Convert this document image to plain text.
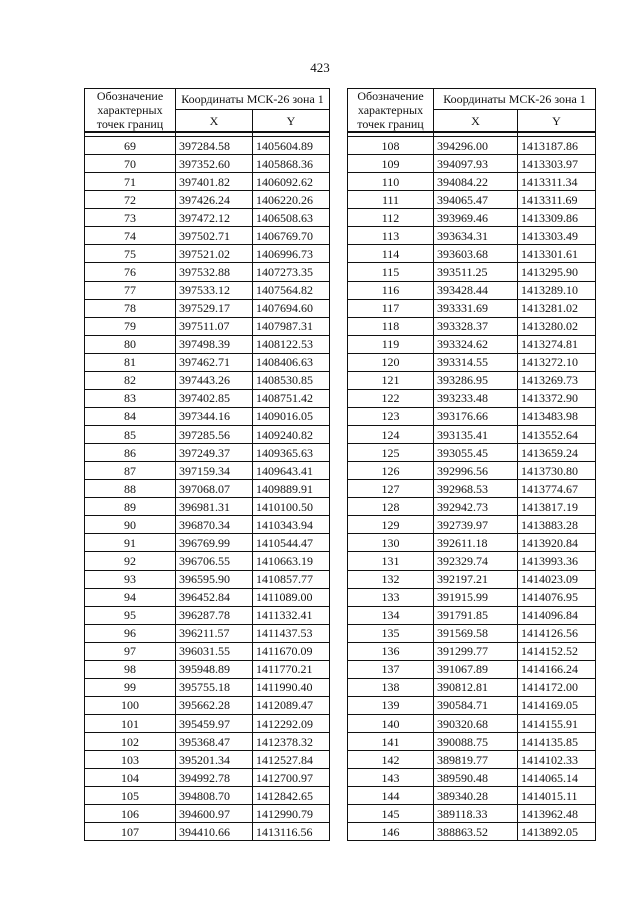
423
Обозначение характерных точек границ	Координаты МСК-26 зона 1	
	X	Y

69	397284.58	1405604.89
70	397352.60	1405868.36
71	397401.82	1406092.62
72	397426.24	1406220.26
73	397472.12	1406508.63
74	397502.71	1406769.70
75	397521.02	1406996.73
76	397532.88	1407273.35
77	397533.12	1407564.82
78	397529.17	1407694.60
79	397511.07	1407987.31
80	397498.39	1408122.53
81	397462.71	1408406.63
82	397443.26	1408530.85
83	397402.85	1408751.42
84	397344.16	1409016.05
85	397285.56	1409240.82
86	397249.37	1409365.63
87	397159.34	1409643.41
88	397068.07	1409889.91
89	396981.31	1410100.50
90	396870.34	1410343.94
91	396769.99	1410544.47
92	396706.55	1410663.19
93	396595.90	1410857.77
94	396452.84	1411089.00
95	396287.78	1411332.41
96	396211.57	1411437.53
97	396031.55	1411670.09
98	395948.89	1411770.21
99	395755.18	1411990.40
100	395662.28	1412089.47
101	395459.97	1412292.09
102	395368.47	1412378.32
103	395201.34	1412527.84
104	394992.78	1412700.97
105	394808.70	1412842.65
106	394600.97	1412990.79
107	394410.66	1413116.56
Обозначение характерных точек границ	Координаты МСК-26 зона 1	
	X	Y

108	394296.00	1413187.86
109	394097.93	1413303.97
110	394084.22	1413311.34
111	394065.47	1413311.69
112	393969.46	1413309.86
113	393634.31	1413303.49
114	393603.68	1413301.61
115	393511.25	1413295.90
116	393428.44	1413289.10
117	393331.69	1413281.02
118	393328.37	1413280.02
119	393324.62	1413274.81
120	393314.55	1413272.10
121	393286.95	1413269.73
122	393233.48	1413372.90
123	393176.66	1413483.98
124	393135.41	1413552.64
125	393055.45	1413659.24
126	392996.56	1413730.80
127	392968.53	1413774.67
128	392942.73	1413817.19
129	392739.97	1413883.28
130	392611.18	1413920.84
131	392329.74	1413993.36
132	392197.21	1414023.09
133	391915.99	1414076.95
134	391791.85	1414096.84
135	391569.58	1414126.56
136	391299.77	1414152.52
137	391067.89	1414166.24
138	390812.81	1414172.00
139	390584.71	1414169.05
140	390320.68	1414155.91
141	390088.75	1414135.85
142	389819.77	1414102.33
143	389590.48	1414065.14
144	389340.28	1414015.11
145	389118.33	1413962.48
146	388863.52	1413892.05
